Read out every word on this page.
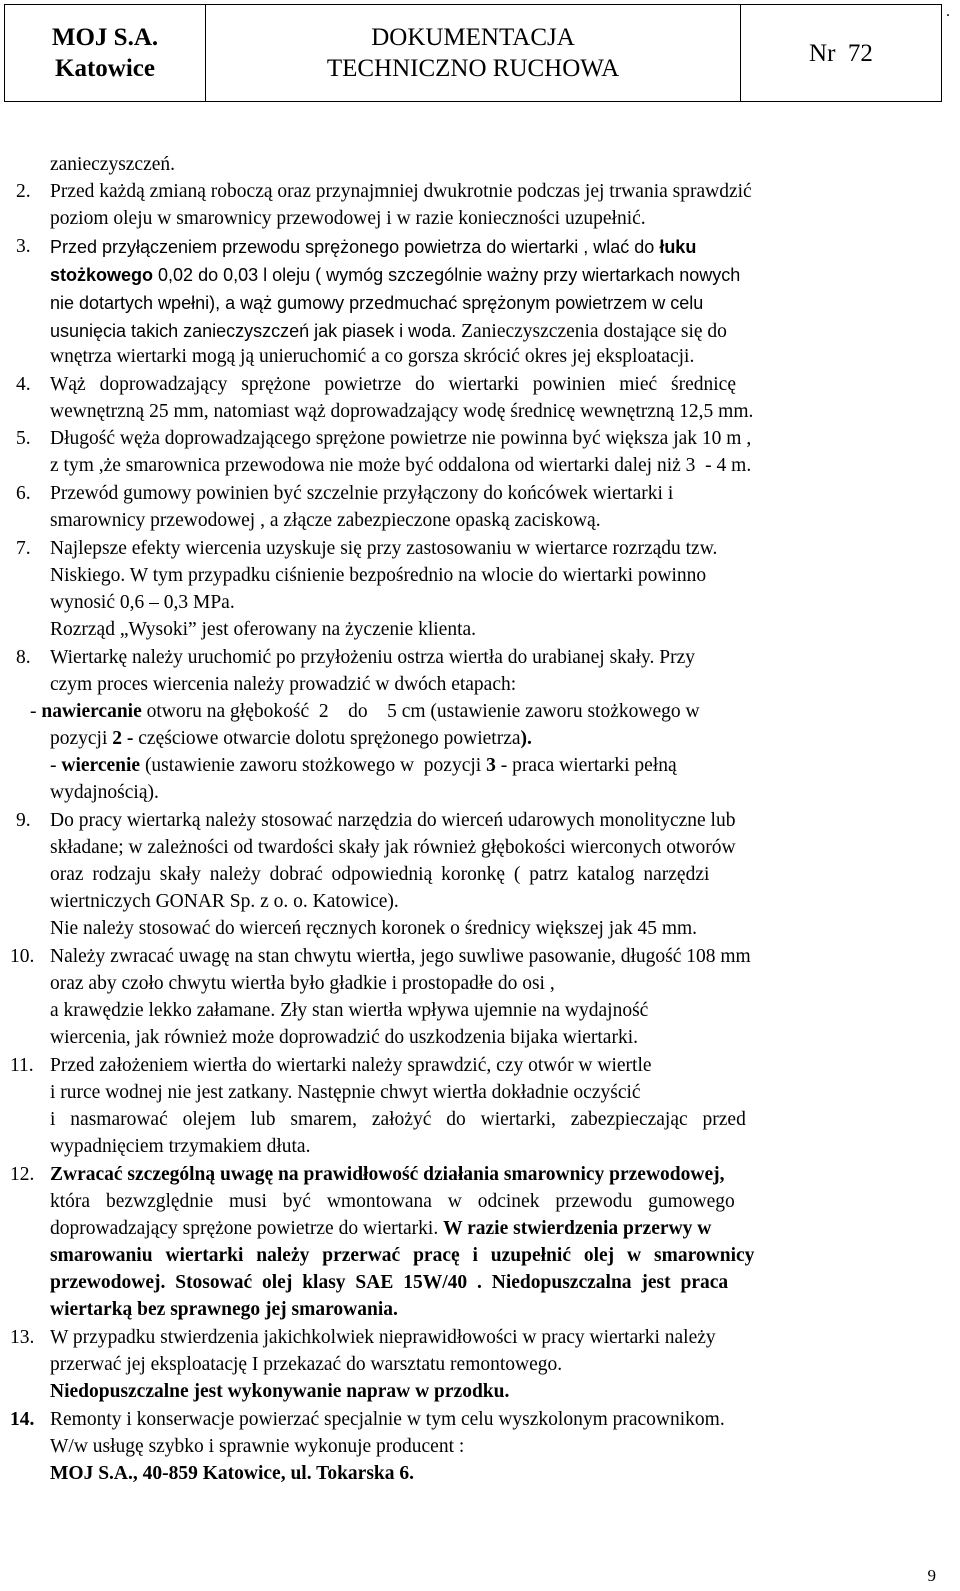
MOJ S.A.
Katowice
DOKUMENTACJA
TECHNICZNO RUCHOWA
Nr  72
.
zanieczyszczeń.
2. Przed każdą zmianą roboczą oraz przynajmniej dwukrotnie podczas jej trwania sprawdzić
poziom oleju w smarownicy przewodowej i w razie konieczności uzupełnić.
3. Przed przyłączeniem przewodu sprężonego powietrza do wiertarki , wlać do łuku
stożkowego 0,02 do 0,03 l oleju ( wymóg szczególnie ważny przy wiertarkach nowych
nie dotartych wpełni), a wąż gumowy przedmuchać sprężonym powietrzem w celu
usunięcia takich zanieczyszczeń jak piasek i woda. Zanieczyszczenia dostające się do
wnętrza wiertarki mogą ją unieruchomić a co gorsza skrócić okres jej eksploatacji.
4. Wąż doprowadzający sprężone powietrze do wiertarki powinien mieć średnicę
wewnętrzną 25 mm, natomiast wąż doprowadzający wodę średnicę wewnętrzną 12,5 mm.
5. Długość węża doprowadzającego sprężone powietrze nie powinna być większa jak 10 m ,
z tym ,że smarownica przewodowa nie może być oddalona od wiertarki dalej niż 3  - 4 m.
6. Przewód gumowy powinien być szczelnie przyłączony do końcówek wiertarki i
smarownicy przewodowej , a złącze zabezpieczone opaską zaciskową.
7. Najlepsze efekty wiercenia uzyskuje się przy zastosowaniu w wiertarce rozrządu tzw.
Niskiego. W tym przypadku ciśnienie bezpośrednio na wlocie do wiertarki powinno
wynosić 0,6 – 0,3 MPa.
Rozrząd „Wysoki” jest oferowany na życzenie klienta.
8. Wiertarkę należy uruchomić po przyłożeniu ostrza wiertła do urabianej skały. Przy
czym proces wiercenia należy prowadzić w dwóch etapach:
- nawiercanie otworu na głębokość  2    do    5 cm (ustawienie zaworu stożkowego w
pozycji 2 - częściowe otwarcie dolotu sprężonego powietrza).
- wiercenie (ustawienie zaworu stożkowego w  pozycji 3 - praca wiertarki pełną
wydajnością).
9. Do pracy wiertarką należy stosować narzędzia do wierceń udarowych monolityczne lub
składane; w zależności od twardości skały jak również głębokości wierconych otworów
oraz rodzaju skały należy dobrać odpowiednią koronkę ( patrz katalog narzędzi
wiertniczych GONAR Sp. z o. o. Katowice).
Nie należy stosować do wierceń ręcznych koronek o średnicy większej jak 45 mm.
10. Należy zwracać uwagę na stan chwytu wiertła, jego suwliwe pasowanie, długość 108 mm
oraz aby czoło chwytu wiertła było gładkie i prostopadłe do osi ,
a krawędzie lekko załamane. Zły stan wiertła wpływa ujemnie na wydajność
wiercenia, jak również może doprowadzić do uszkodzenia bijaka wiertarki.
11. Przed założeniem wiertła do wiertarki należy sprawdzić, czy otwór w wiertle
i rurce wodnej nie jest zatkany. Następnie chwyt wiertła dokładnie oczyścić
i nasmarować olejem lub smarem, założyć do wiertarki, zabezpieczając przed
wypadnięciem trzymakiem dłuta.
12. Zwracać szczególną uwagę na prawidłowość działania smarownicy przewodowej,
która bezwzględnie musi być wmontowana w odcinek przewodu gumowego
doprowadzający sprężone powietrze do wiertarki. W razie stwierdzenia przerwy w
smarowaniu wiertarki należy przerwać pracę i uzupełnić olej w smarownicy
przewodowej. Stosować olej klasy SAE 15W/40 . Niedopuszczalna jest praca
wiertarką bez sprawnego jej smarowania.
13. W przypadku stwierdzenia jakichkolwiek nieprawidłowości w pracy wiertarki należy
przerwać jej eksploatację I przekazać do warsztatu remontowego.
Niedopuszczalne jest wykonywanie napraw w przodku.
14. Remonty i konserwacje powierzać specjalnie w tym celu wyszkolonym pracownikom.
W/w usługę szybko i sprawnie wykonuje producent :
MOJ S.A., 40-859 Katowice, ul. Tokarska 6.
9
